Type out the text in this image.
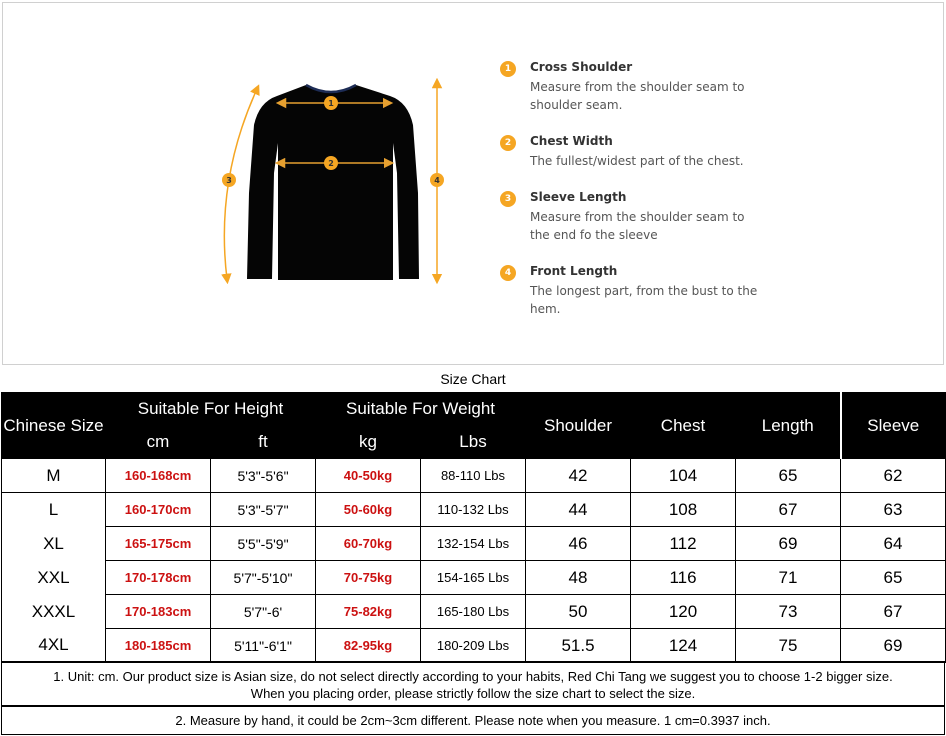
1
2
3	4
1	Cross Shoulder
Measure from the shoulder seam to shoulder seam.
2	Chest Width
The fullest/widest part of the chest.
3	Sleeve Length
Measure from the shoulder seam to the end fo the sleeve
4	Front Length
The longest part, from the bust to the hem.
Size Chart
Chinese Size	Suitable For Height		Suitable For Weight		Shoulder	Chest	Length	Sleeve
	cm	ft	kg	Lbs				
M	160-168cm	5'3"-5'6"	40-50kg	88-110 Lbs	42	104	65	62
L	160-170cm	5'3"-5'7"	50-60kg	110-132 Lbs	44	108	67	63
XL	165-175cm	5'5"-5'9"	60-70kg	132-154 Lbs	46	112	69	64
XXL	170-178cm	5'7"-5'10"	70-75kg	154-165 Lbs	48	116	71	65
XXXL	170-183cm	5'7"-6'	75-82kg	165-180 Lbs	50	120	73	67
4XL	180-185cm	5'11"-6'1"	82-95kg	180-209 Lbs	51.5	124	75	69
1. Unit: cm. Our product size is Asian size, do not select directly according to your habits, Red Chi Tang we suggest you to choose 1-2 bigger size.
When you placing order, please strictly follow the size chart to select the size.
2. Measure by hand, it could be 2cm~3cm different. Please note when you measure. 1 cm=0.3937 inch.
